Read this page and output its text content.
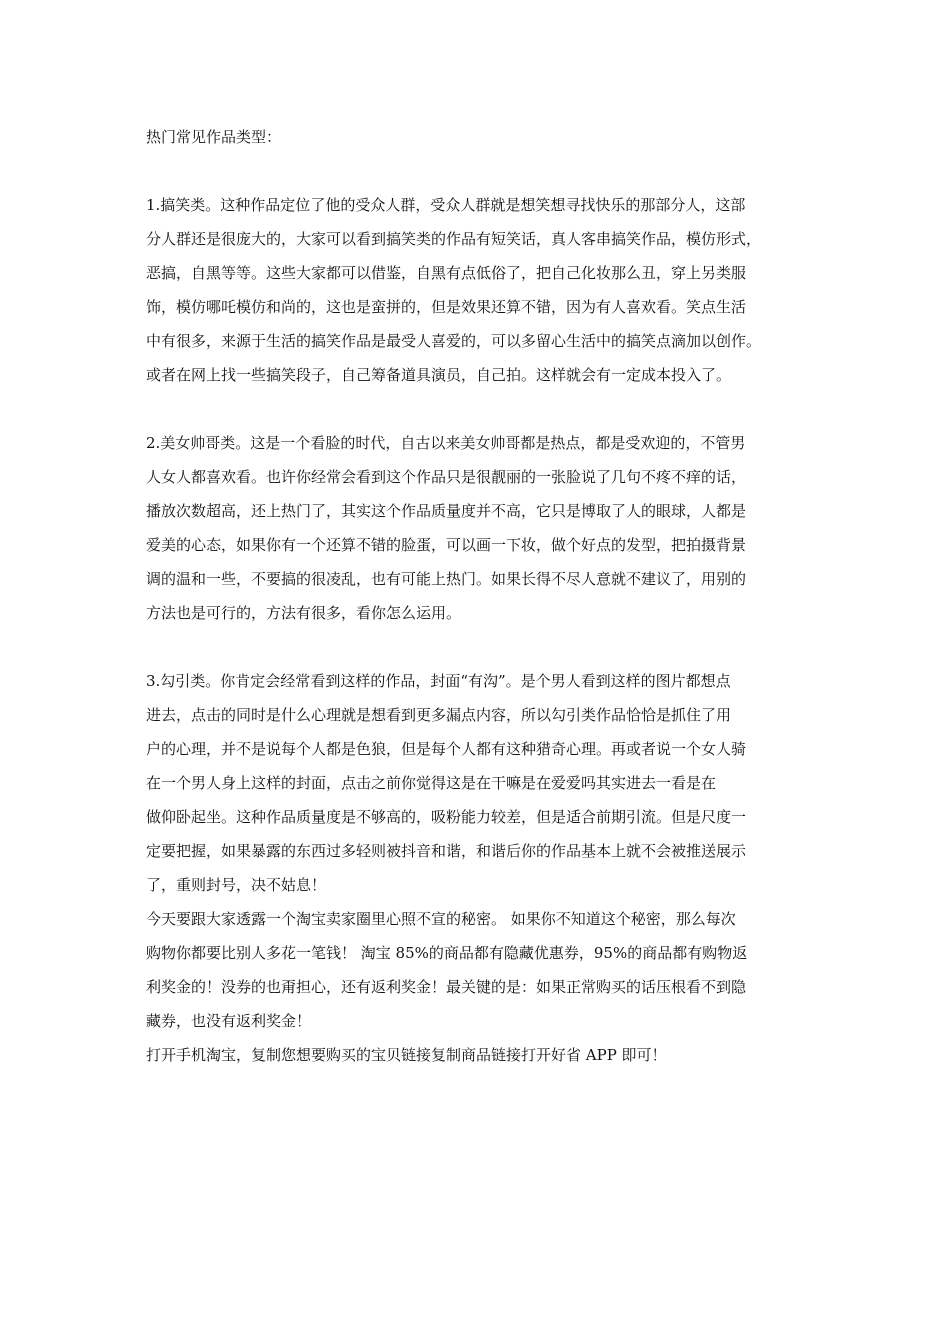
热门常见作品类型：
1.搞笑类。这种作品定位了他的受众人群，受众人群就是想笑想寻找快乐的那部分人，这部
分人群还是很庞大的，大家可以看到搞笑类的作品有短笑话，真人客串搞笑作品，模仿形式，
恶搞，自黑等等。这些大家都可以借鉴，自黑有点低俗了，把自己化妆那么丑，穿上另类服
饰，模仿哪吒模仿和尚的，这也是蛮拼的，但是效果还算不错，因为有人喜欢看。笑点生活
中有很多，来源于生活的搞笑作品是最受人喜爱的，可以多留心生活中的搞笑点滴加以创作。
或者在网上找一些搞笑段子，自己筹备道具演员，自己拍。这样就会有一定成本投入了。
2.美女帅哥类。这是一个看脸的时代，自古以来美女帅哥都是热点，都是受欢迎的，不管男
人女人都喜欢看。也许你经常会看到这个作品只是很靓丽的一张脸说了几句不疼不痒的话，
播放次数超高，还上热门了，其实这个作品质量度并不高，它只是博取了人的眼球，人都是
爱美的心态，如果你有一个还算不错的脸蛋，可以画一下妆，做个好点的发型，把拍摄背景
调的温和一些，不要搞的很凌乱，也有可能上热门。如果长得不尽人意就不建议了，用别的
方法也是可行的，方法有很多，看你怎么运用。
3.勾引类。你肯定会经常看到这样的作品，封面“有沟”。是个男人看到这样的图片都想点
进去，点击的同时是什么心理就是想看到更多漏点内容，所以勾引类作品恰恰是抓住了用
户的心理，并不是说每个人都是色狼，但是每个人都有这种猎奇心理。再或者说一个女人骑
在一个男人身上这样的封面，点击之前你觉得这是在干嘛是在爱爱吗其实进去一看是在
做仰卧起坐。这种作品质量度是不够高的，吸粉能力较差，但是适合前期引流。但是尺度一
定要把握，如果暴露的东西过多轻则被抖音和谐，和谐后你的作品基本上就不会被推送展示
了，重则封号，决不姑息！
今天要跟大家透露一个淘宝卖家圈里心照不宣的秘密。 如果你不知道这个秘密，那么每次
购物你都要比别人多花一笔钱！ 淘宝 85%的商品都有隐藏优惠券，95%的商品都有购物返
利奖金的！没券的也甭担心，还有返利奖金！最关键的是：如果正常购买的话压根看不到隐
藏券，也没有返利奖金！
打开手机淘宝，复制您想要购买的宝贝链接复制商品链接打开好省 APP 即可！
